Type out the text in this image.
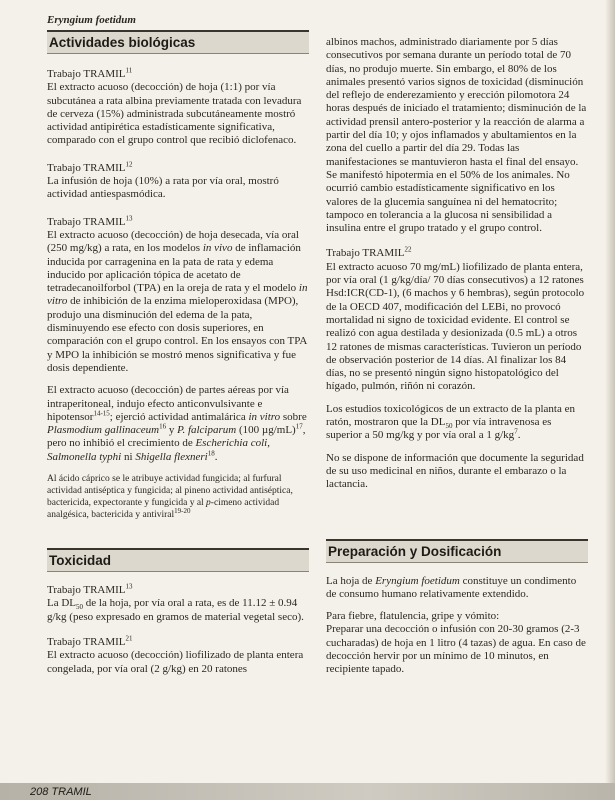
Eryngium foetidum
Actividades biológicas

Trabajo TRAMIL$^{11}$
El extracto acuoso (decocción) de hoja (1:1) por vía subcutánea a rata albina previamente tratada con levadura de cerveza (15%) administrada subcutáneamente mostró actividad antipirética estadísticamente significativa, comparado con el grupo control que recibió diclofenaco.

Trabajo TRAMIL$^{12}$
La infusión de hoja (10%) a rata por vía oral, mostró actividad antiespasmódica.

Trabajo TRAMIL$^{13}$
El extracto acuoso (decocción) de hoja desecada, vía oral (250 mg/kg) a rata, en los modelos in vivo de inflamación inducida por carragenina en la pata de rata y edema inducido por aplicación tópica de acetato de tetradecanoilforbol (TPA) en la oreja de rata y el modelo in vitro de inhibición de la enzima mieloperoxidasa (MPO), produjo una disminución del edema de la pata, disminuyendo ese efecto con dosis superiores, en comparación con el grupo control. En los ensayos con TPA y MPO la inhibición se mostró menos significativa y fue dosis dependiente.

El extracto acuoso (decocción) de partes aéreas por vía intraperitoneal, indujo efecto anticonvulsivante e hipotensor$^{14-15}$; ejerció actividad antimalárica in vitro sobre Plasmodium gallinaceum$^{16}$ y P. falciparum (100 µg/mL)$^{17}$, pero no inhibió el crecimiento de Escherichia coli, Salmonella typhi ni Shigella flexneri$^{18}$.

Al ácido cáprico se le atribuye actividad fungicida; al furfural actividad antiséptica y fungicida; al pineno actividad antiséptica, bactericida, expectorante y fungicida y al p-cimeno actividad analgésica, bactericida y antiviral$^{19-20}$

Toxicidad

Trabajo TRAMIL$^{13}$
La $DL_{50}$ de la hoja, por vía oral a rata, es de 11.12 ± 0.94 g/kg (peso expresado en gramos de material vegetal seco).

Trabajo TRAMIL$^{21}$
El extracto acuoso (decocción) liofilizado de planta entera congelada, por vía oral (2 g/kg) en 20 ratones

albinos machos, administrado diariamente por 5 días consecutivos por semana durante un período total de 70 días, no produjo muerte. Sin embargo, el 80% de los animales presentó varios signos de toxicidad (disminución del reflejo de enderezamiento y erección pilomotora 24 horas después de iniciado el tratamiento; disminución de la actividad prensil antero-posterior y la reacción de alarma a partir del día 10; y ojos inflamados y abultamientos en la zona del cuello a partir del día 29. Todas las manifestaciones se mantuvieron hasta el final del ensayo. Se manifestó hipotermia en el 50% de los animales. No ocurrió cambio estadísticamente significativo en los valores de la glucemia sanguínea ni del hematocrito; tampoco en tolerancia a la glucosa ni sensibilidad a insulina entre el grupo tratado y el grupo control.

Trabajo TRAMIL$^{22}$
El extracto acuoso 70 mg/mL) liofilizado de planta entera, por vía oral (1 g/kg/día/ 70 días consecutivos) a 12 ratones Hsd:ICR(CD-1), (6 machos y 6 hembras), según protocolo de la OECD 407, modificación del LEBi, no provocó mortalidad ni signo de toxicidad evidente. El control se realizó con agua destilada y desionizada (0.5 mL) a otros 12 ratones de mismas características. Tuvieron un período de observación posterior de 14 días. Al finalizar los 84 días, no se presentó ningún signo histopatológico del hígado, pulmón, riñón ni corazón.

Los estudios toxicológicos de un extracto de la planta en ratón, mostraron que la $DL_{50}$ por vía intravenosa es superior a 50 mg/kg y por vía oral a 1 $g/kg^7$.

No se dispone de información que documente la seguridad de su uso medicinal en niños, durante el embarazo o la lactancia.

Preparación y Dosificación

La hoja de Eryngium foetidum constituye un condimento de consumo humano relativamente extendido.

Para fiebre, flatulencia, gripe y vómito:
Preparar una decocción o infusión con 20-30 gramos (2-3 cucharadas) de hoja en 1 litro (4 tazas) de agua. En caso de decocción hervir por un mínimo de 10 minutos, en recipiente tapado.

208 TRAMIL
